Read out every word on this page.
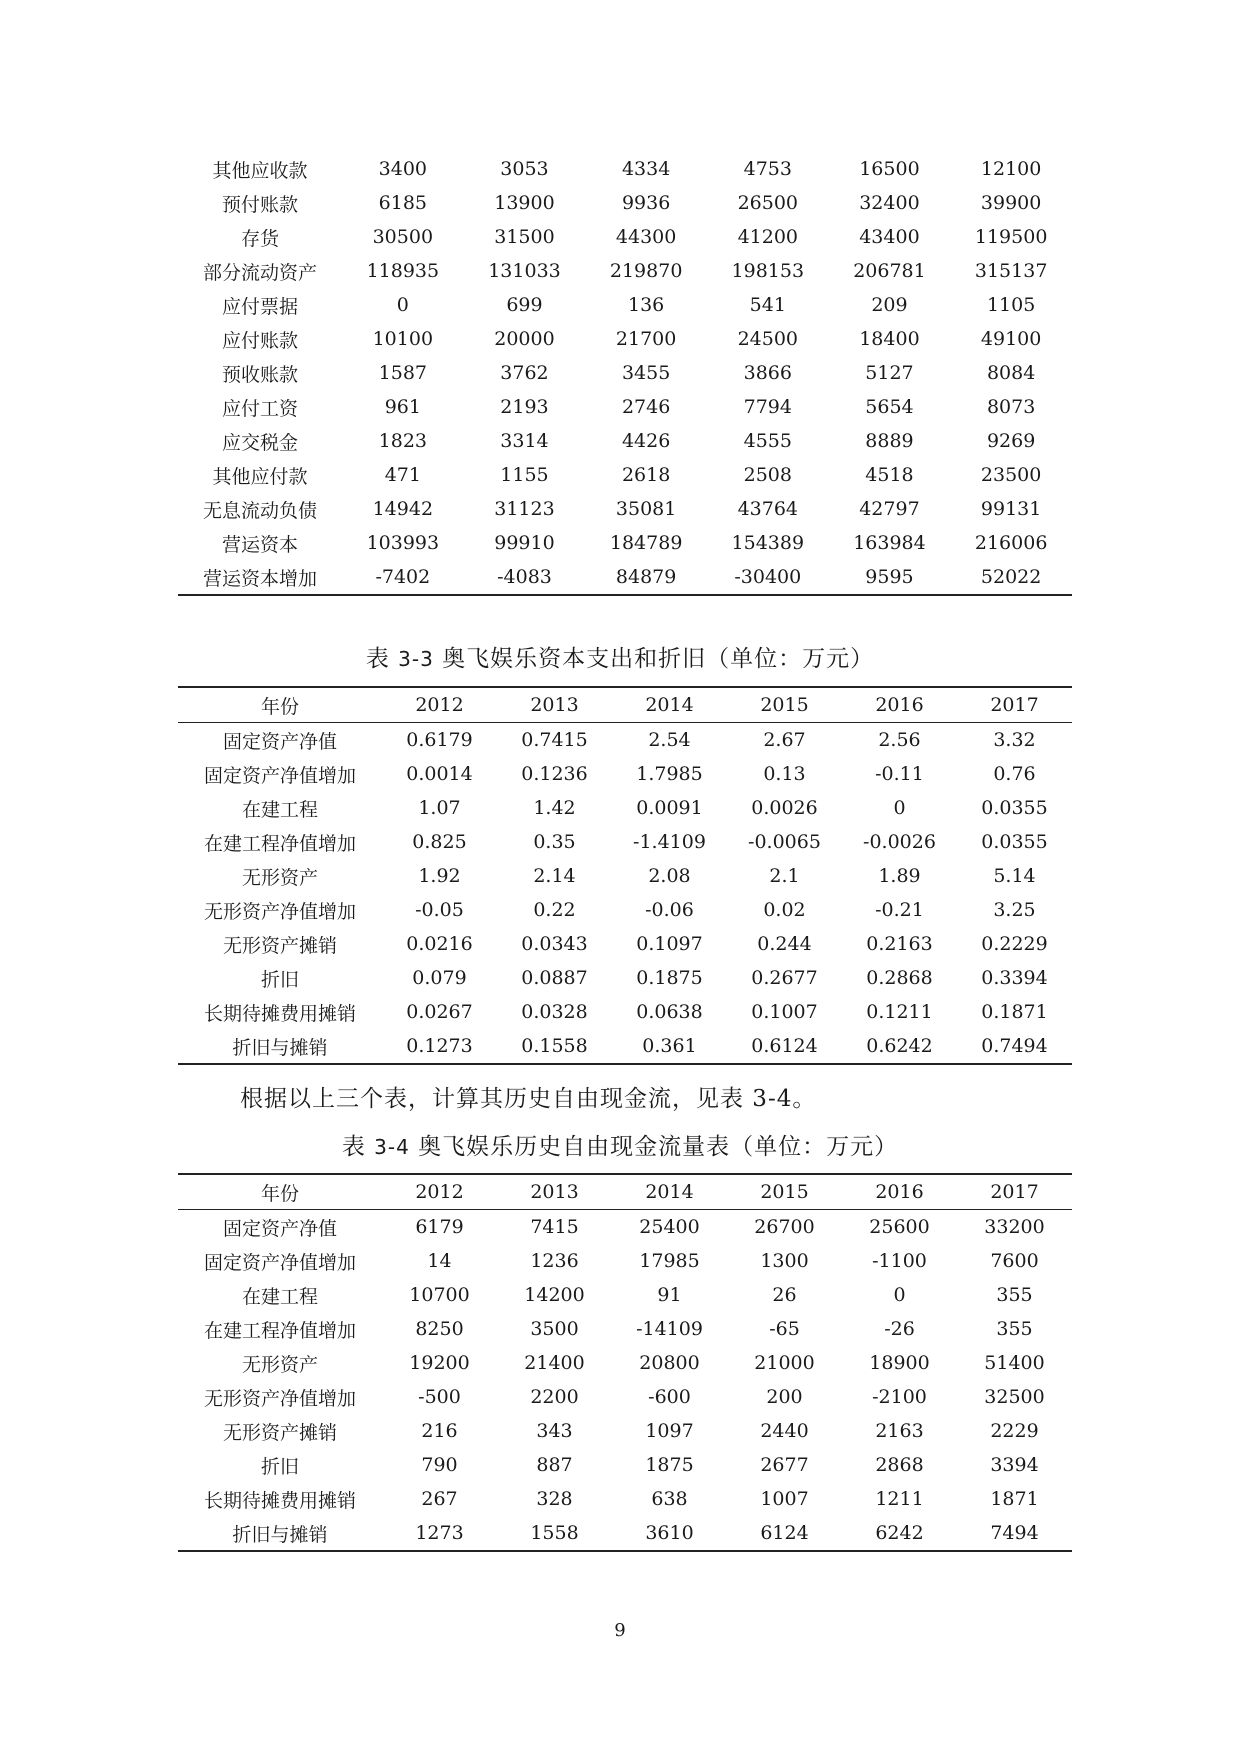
其他应收款	3400	3053	4334	4753	16500	12100
预付账款	6185	13900	9936	26500	32400	39900
存货	30500	31500	44300	41200	43400	119500
部分流动资产	118935	131033	219870	198153	206781	315137
应付票据	0	699	136	541	209	1105
应付账款	10100	20000	21700	24500	18400	49100
预收账款	1587	3762	3455	3866	5127	8084
应付工资	961	2193	2746	7794	5654	8073
应交税金	1823	3314	4426	4555	8889	9269
其他应付款	471	1155	2618	2508	4518	23500
无息流动负债	14942	31123	35081	43764	42797	99131
营运资本	103993	99910	184789	154389	163984	216006
营运资本增加	-7402	-4083	84879	-30400	9595	52022
表 3-3 奥飞娱乐资本支出和折旧（单位：万元）
年份	2012	2013	2014	2015	2016	2017
固定资产净值	0.6179	0.7415	2.54	2.67	2.56	3.32
固定资产净值增加	0.0014	0.1236	1.7985	0.13	-0.11	0.76
在建工程	1.07	1.42	0.0091	0.0026	0	0.0355
在建工程净值增加	0.825	0.35	-1.4109	-0.0065	-0.0026	0.0355
无形资产	1.92	2.14	2.08	2.1	1.89	5.14
无形资产净值增加	-0.05	0.22	-0.06	0.02	-0.21	3.25
无形资产摊销	0.0216	0.0343	0.1097	0.244	0.2163	0.2229
折旧	0.079	0.0887	0.1875	0.2677	0.2868	0.3394
长期待摊费用摊销	0.0267	0.0328	0.0638	0.1007	0.1211	0.1871
折旧与摊销	0.1273	0.1558	0.361	0.6124	0.6242	0.7494
根据以上三个表，计算其历史自由现金流，见表 3-4。
表 3-4 奥飞娱乐历史自由现金流量表（单位：万元）
年份	2012	2013	2014	2015	2016	2017
固定资产净值	6179	7415	25400	26700	25600	33200
固定资产净值增加	14	1236	17985	1300	-1100	7600
在建工程	10700	14200	91	26	0	355
在建工程净值增加	8250	3500	-14109	-65	-26	355
无形资产	19200	21400	20800	21000	18900	51400
无形资产净值增加	-500	2200	-600	200	-2100	32500
无形资产摊销	216	343	1097	2440	2163	2229
折旧	790	887	1875	2677	2868	3394
长期待摊费用摊销	267	328	638	1007	1211	1871
折旧与摊销	1273	1558	3610	6124	6242	7494
9
